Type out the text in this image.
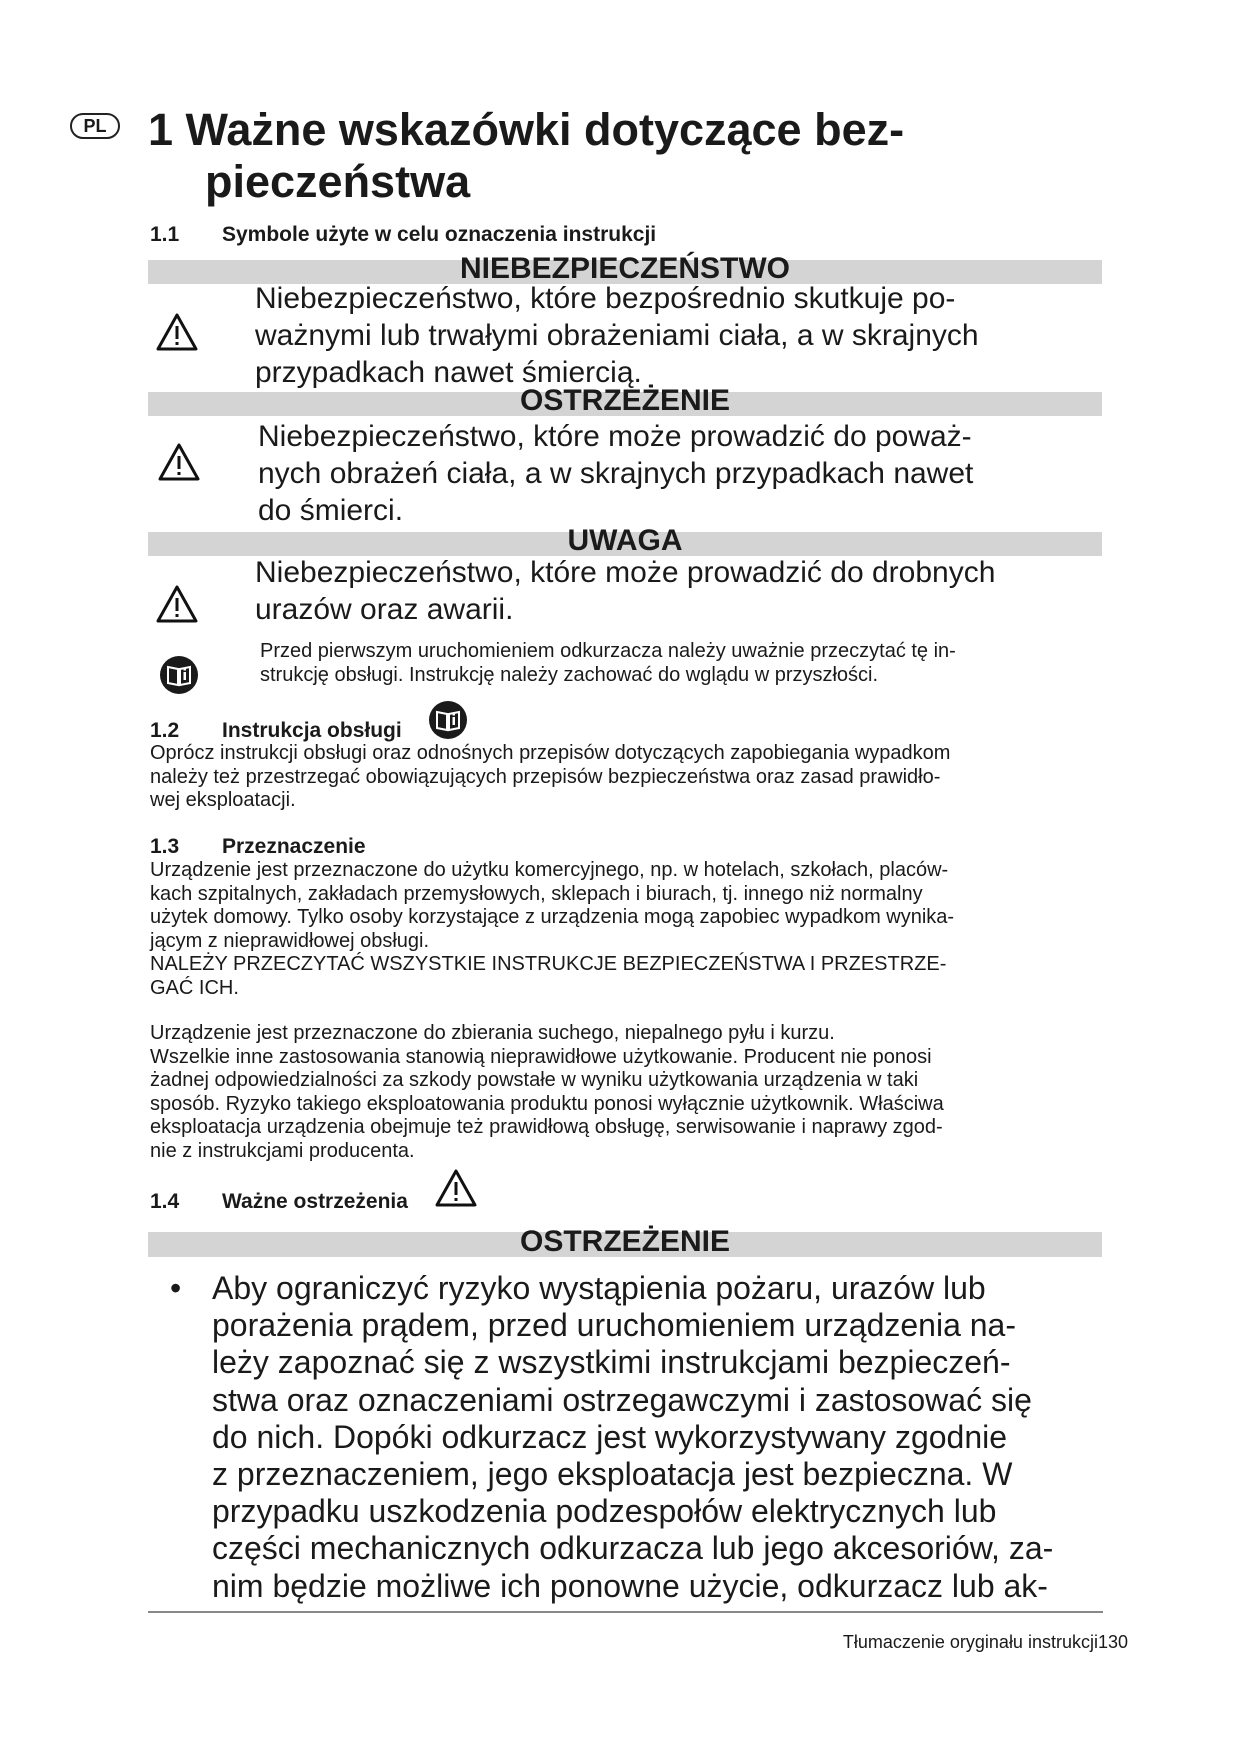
PL 1 Ważne wskazówki dotyczące bez-
pieczeństwa
1.1 Symbole użyte w celu oznaczenia instrukcji
NIEBEZPIECZEŃSTWO
Niebezpieczeństwo, które bezpośrednio skutkuje po-
ważnymi lub trwałymi obrażeniami ciała, a w skrajnych
przypadkach nawet śmiercią.
OSTRZEŻENIE
Niebezpieczeństwo, które może prowadzić do poważ-
nych obrażeń ciała, a w skrajnych przypadkach nawet
do śmierci.
UWAGA
Niebezpieczeństwo, które może prowadzić do drobnych
urazów oraz awarii.
Przed pierwszym uruchomieniem odkurzacza należy uważnie przeczytać tę in-
strukcję obsługi. Instrukcję należy zachować do wglądu w przyszłości.
1.2 Instrukcja obsługi
Oprócz instrukcji obsługi oraz odnośnych przepisów dotyczących zapobiegania wypadkom
należy też przestrzegać obowiązujących przepisów bezpieczeństwa oraz zasad prawidło-
wej eksploatacji.
1.3 Przeznaczenie
Urządzenie jest przeznaczone do użytku komercyjnego, np. w hotelach, szkołach, placów-
kach szpitalnych, zakładach przemysłowych, sklepach i biurach, tj. innego niż normalny
użytek domowy. Tylko osoby korzystające z urządzenia mogą zapobiec wypadkom wynika-
jącym z nieprawidłowej obsługi.
NALEŻY PRZECZYTAĆ WSZYSTKIE INSTRUKCJE BEZPIECZEŃSTWA I PRZESTRZE-
GAĆ ICH.
Urządzenie jest przeznaczone do zbierania suchego, niepalnego pyłu i kurzu.
Wszelkie inne zastosowania stanowią nieprawidłowe użytkowanie. Producent nie ponosi
żadnej odpowiedzialności za szkody powstałe w wyniku użytkowania urządzenia w taki
sposób. Ryzyko takiego eksploatowania produktu ponosi wyłącznie użytkownik. Właściwa
eksploatacja urządzenia obejmuje też prawidłową obsługę, serwisowanie i naprawy zgod-
nie z instrukcjami producenta.
1.4 Ważne ostrzeżenia
OSTRZEŻENIE
• Aby ograniczyć ryzyko wystąpienia pożaru, urazów lub
porażenia prądem, przed uruchomieniem urządzenia na-
leży zapoznać się z wszystkimi instrukcjami bezpieczeń-
stwa oraz oznaczeniami ostrzegawczymi i zastosować się
do nich. Dopóki odkurzacz jest wykorzystywany zgodnie
z przeznaczeniem, jego eksploatacja jest bezpieczna. W
przypadku uszkodzenia podzespołów elektrycznych lub
części mechanicznych odkurzacza lub jego akcesoriów, za-
nim będzie możliwe ich ponowne użycie, odkurzacz lub ak-
Tłumaczenie oryginału instrukcji130
